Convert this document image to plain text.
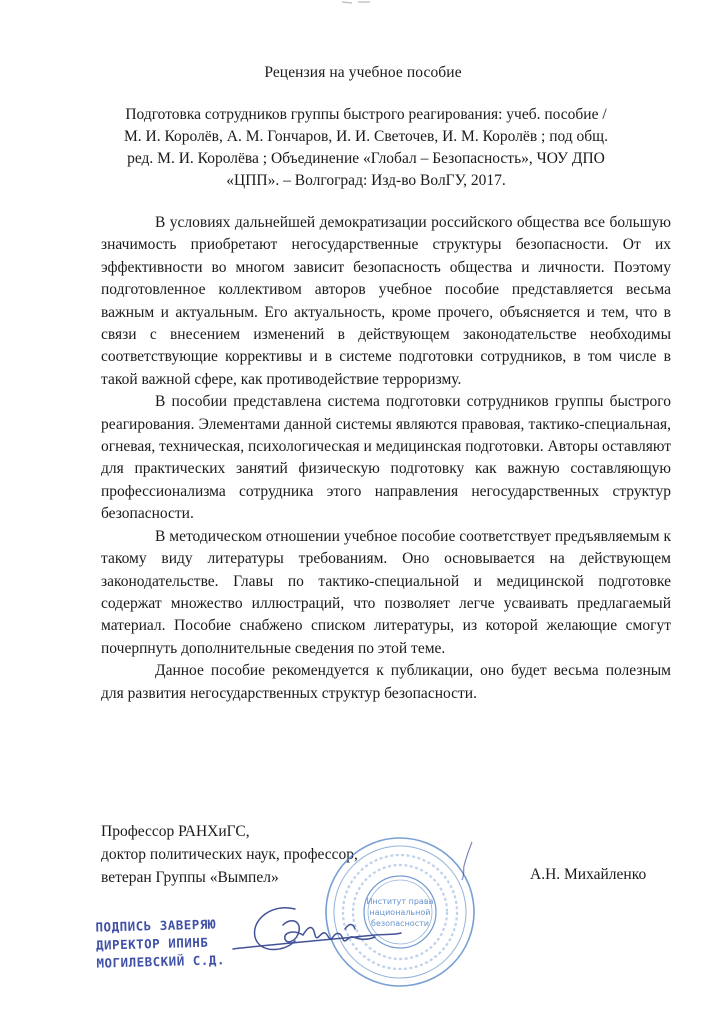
Рецензия на учебное пособие
Подготовка сотрудников группы быстрого реагирования: учеб. пособие /
М. И. Королёв, А. М. Гончаров, И. И. Светочев, И. М. Королёв ; под общ.
ред. М. И. Королёва ; Объединение «Глобал – Безопасность», ЧОУ ДПО
«ЦПП». – Волгоград: Изд-во ВолГУ, 2017.

В условиях дальнейшей демократизации российского общества все большую значимость приобретают негосударственные структуры безопасности. От их эффективности во многом зависит безопасность общества и личности. Поэтому подготовленное коллективом авторов учебное пособие представляется весьма важным и актуальным. Его актуальность, кроме прочего, объясняется и тем, что в связи с внесением изменений в действующем законодательстве необходимы соответствующие коррективы и в системе подготовки сотрудников, в том числе в такой важной сфере, как противодействие терроризму.

В пособии представлена система подготовки сотрудников группы быстрого реагирования. Элементами данной системы являются правовая, тактико-специальная, огневая, техническая, психологическая и медицинская подготовки. Авторы оставляют для практических занятий физическую подготовку как важную составляющую профессионализма сотрудника этого направления негосударственных структур безопасности.

В методическом отношении учебное пособие соответствует предъявляемым к такому виду литературы требованиям. Оно основывается на действующем законодательстве. Главы по тактико-специальной и медицинской подготовке содержат множество иллюстраций, что позволяет легче усваивать предлагаемый материал. Пособие снабжено списком литературы, из которой желающие смогут почерпнуть дополнительные сведения по этой теме.

Данное пособие рекомендуется к публикации, оно будет весьма полезным для развития негосударственных структур безопасности.

Профессор РАНХиГС,
доктор политических наук, профессор,
ветеран Группы «Вымпел»	А.Н. Михайленко
Институт права
национальной
безопасности
ПОДПИСЬ ЗАВЕРЯЮ
ДИРЕКТОР ИПИНБ
МОГИЛЕВСКИЙ С.Д.
